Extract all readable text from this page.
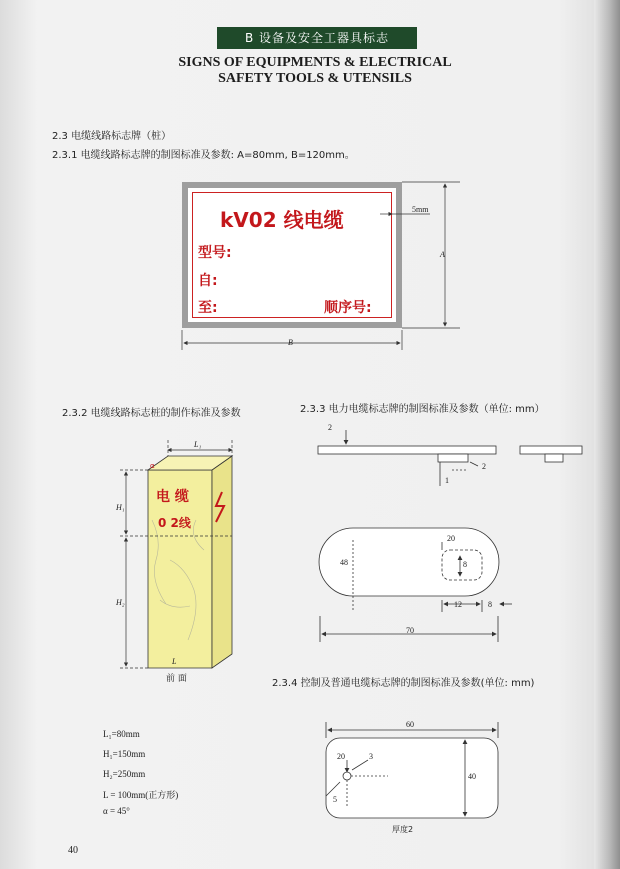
B 设备及安全工器具标志
SIGNS OF EQUIPMENTS & ELECTRICAL
SAFETY TOOLS & UTENSILS
2.3 电缆线路标志牌（桩）
2.3.1 电缆线路标志牌的制图标准及参数: A=80mm, B=120mm。
kV02 线电缆
型号:
自:
至:	顺序号:
α
5mm
A
B
2.3.2 电缆线路标志桩的制作标准及参数
L₁
H₁
H₂
L
电 缆
0 2线
前 面
L₁=80mm
H₁=150mm
H₂=250mm
L = 100mm(正方形)
α = 45°
2.3.3 电力电缆标志牌的制图标准及参数（单位: mm）
2
2
1
48
20
8
12	8
70
2.3.4 控制及普通电缆标志牌的制图标准及参数(单位: mm)
60
40
20	3
5
厚度2
40
